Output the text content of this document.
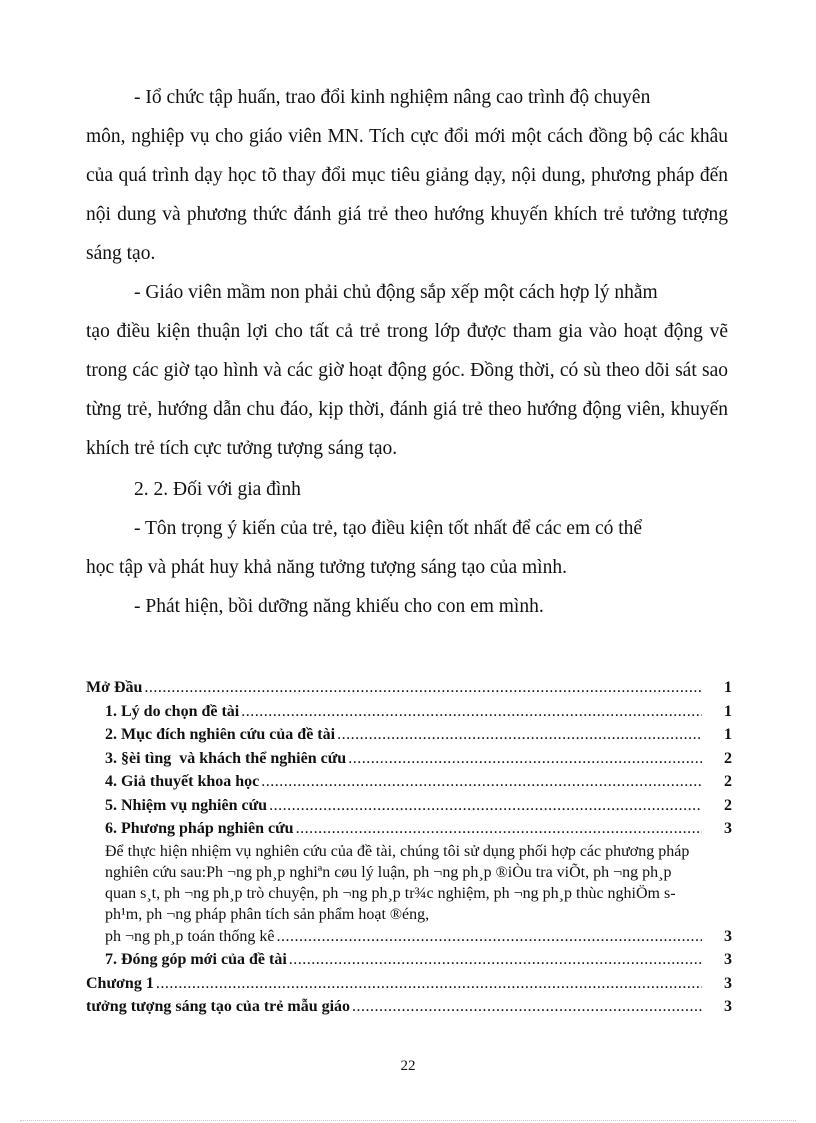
- Iổ chức tập huấn, trao đổi kinh nghiệm nâng cao trình độ chuyên
môn, nghiệp vụ cho giáo viên MN. Tích cực đổi mới một cách đồng bộ các khâu của quá trình dạy học tõ thay đổi mục tiêu giảng dạy, nội dung, phương pháp đến nội dung và phương thức đánh giá trẻ theo hướng khuyến khích trẻ tưởng tượng sáng tạo.

- Giáo viên mầm non phải chủ động sắp xếp một cách hợp lý nhằm
tạo điều kiện thuận lợi cho tất cả trẻ trong lớp được tham gia vào hoạt động vẽ trong các giờ tạo hình và các giờ hoạt động góc. Đồng thời, có sù theo dõi sát sao từng trẻ, hướng dẫn chu đáo, kịp thời, đánh giá trẻ theo hướng động viên, khuyến khích trẻ tích cực tưởng tượng sáng tạo.

2. 2. Đối với gia đình

- Tôn trọng ý kiến của trẻ, tạo điều kiện tốt nhất để các em có thể
học tập và phát huy khả năng tưởng tượng sáng tạo của mình.

- Phát hiện, bồi dưỡng năng khiếu cho con em mình.

Mở Đầu .....	1
1. Lý do chọn đề tài .....	1
2. Mục đích nghiên cứu của đề tài .....	1
3. §èi tìng  và khách thể nghiên cứu .....	2
4. Giả thuyết khoa học .....	2
5. Nhiệm vụ nghiên cứu .....	2
6. Phương pháp nghiên cứu .....	3

Để thực hiện nhiệm vụ nghiên cứu của đề tài, chúng tôi sử dụng phối hợp các phương pháp nghiên cứu sau:Ph ¬ng ph¸p nghiªn cøu lý luận, ph ¬ng ph¸p ®iÒu tra viÕt, ph ¬ng ph¸p quan s¸t, ph ¬ng ph¸p trò chuyện, ph ¬ng ph¸p tr¾c nghiệm, ph ¬ng ph¸p thùc nghiÖm s ph¹m, ph ¬ng pháp phân tích sản phẩm hoạt ®éng,

ph ¬ng ph¸p toán thống kê .....	3
7. Đóng góp mới của đề tài .....	3
Chương 1 .....	3
tưởng tượng sáng tạo của trẻ mẫu giáo .....	3
22
